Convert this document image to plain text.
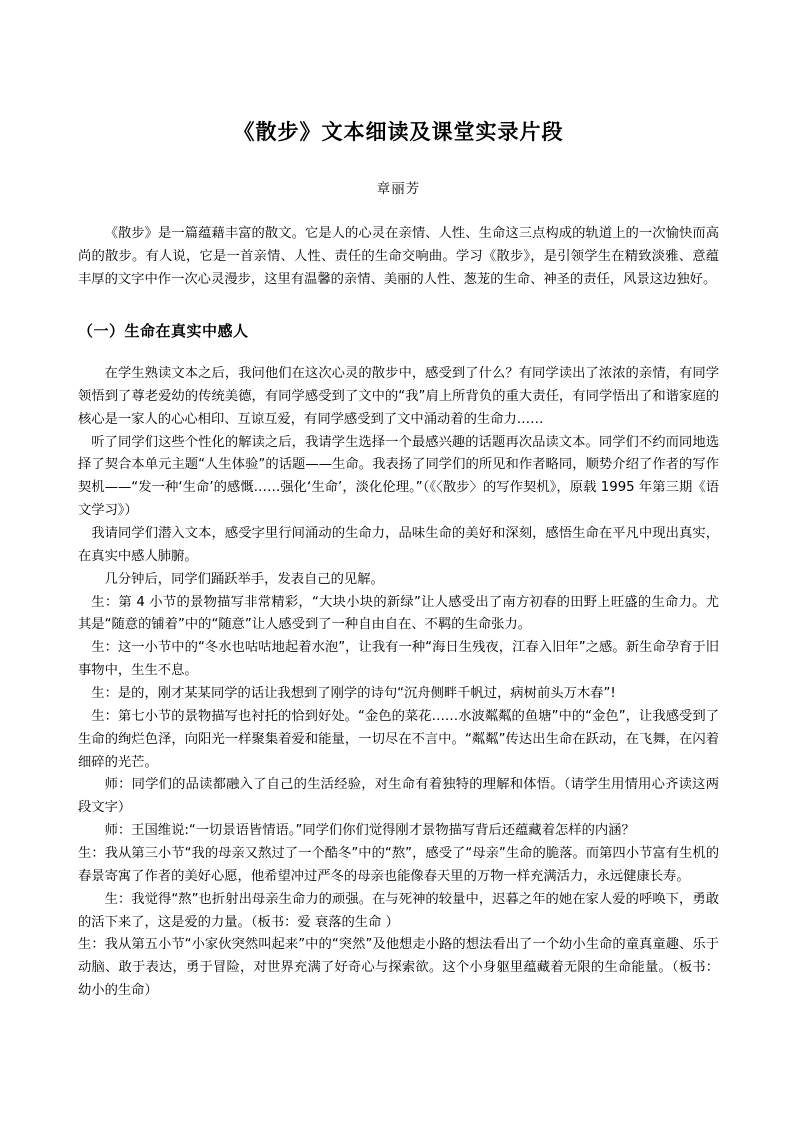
《散步》文本细读及课堂实录片段
章丽芳

《散步》是一篇蕴藉丰富的散文。它是人的心灵在亲情、人性、生命这三点构成的轨道上的一次愉快而高尚的散步。有人说，它是一首亲情、人性、责任的生命交响曲。学习《散步》，是引领学生在精致淡雅、意蕴丰厚的文字中作一次心灵漫步，这里有温馨的亲情、美丽的人性、葱茏的生命、神圣的责任，风景这边独好。

（一）生命在真实中感人

在学生熟读文本之后，我问他们在这次心灵的散步中，感受到了什么？有同学读出了浓浓的亲情，有同学领悟到了尊老爱幼的传统美德，有同学感受到了文中的“我”肩上所背负的重大责任，有同学悟出了和谐家庭的核心是一家人的心心相印、互谅互爱，有同学感受到了文中涌动着的生命力……

听了同学们这些个性化的解读之后，我请学生选择一个最感兴趣的话题再次品读文本。同学们不约而同地选择了契合本单元主题“人生体验”的话题——生命。我表扬了同学们的所见和作者略同，顺势介绍了作者的写作契机——“发一种‘生命’的感慨……强化‘生命’，淡化伦理。”（《〈散步〉的写作契机》，原载 1995 年第三期《语文学习》）

我请同学们潜入文本，感受字里行间涌动的生命力，品味生命的美好和深刻，感悟生命在平凡中现出真实，在真实中感人肺腑。

几分钟后，同学们踊跃举手，发表自己的见解。

生：第 4 小节的景物描写非常精彩，“大块小块的新绿”让人感受出了南方初春的田野上旺盛的生命力。尤其是“随意的铺着”中的“随意”让人感受到了一种自由自在、不羁的生命张力。

生：这一小节中的“冬水也咕咕地起着水泡”，让我有一种“海日生残夜，江春入旧年”之感。新生命孕育于旧事物中，生生不息。

生：是的，刚才某某同学的话让我想到了刚学的诗句“沉舟侧畔千帆过，病树前头万木春”!

生：第七小节的景物描写也衬托的恰到好处。“金色的菜花……水波粼粼的鱼塘”中的“金色”，让我感受到了生命的绚烂色泽，向阳光一样聚集着爱和能量，一切尽在不言中。“粼粼”传达出生命在跃动，在飞舞，在闪着细碎的光芒。

师：同学们的品读都融入了自己的生活经验，对生命有着独特的理解和体悟。（请学生用情用心齐读这两段文字）

师：王国维说:“一切景语皆情语。”同学们你们觉得刚才景物描写背后还蕴藏着怎样的内涵？

生：我从第三小节“我的母亲又熬过了一个酷冬”中的“熬”，感受了“母亲”生命的脆落。而第四小节富有生机的春景寄寓了作者的美好心愿，他希望冲过严冬的母亲也能像春天里的万物一样充满活力，永远健康长寿。

生：我觉得“熬”也折射出母亲生命力的顽强。在与死神的较量中，迟暮之年的她在家人爱的呼唤下，勇敢的活下来了，这是爱的力量。（板书：爱 衰落的生命 ）

生：我从第五小节“小家伙突然叫起来”中的“突然”及他想走小路的想法看出了一个幼小生命的童真童趣、乐于动脑、敢于表达，勇于冒险，对世界充满了好奇心与探索欲。这个小身躯里蕴藏着无限的生命能量。（板书：幼小的生命）
